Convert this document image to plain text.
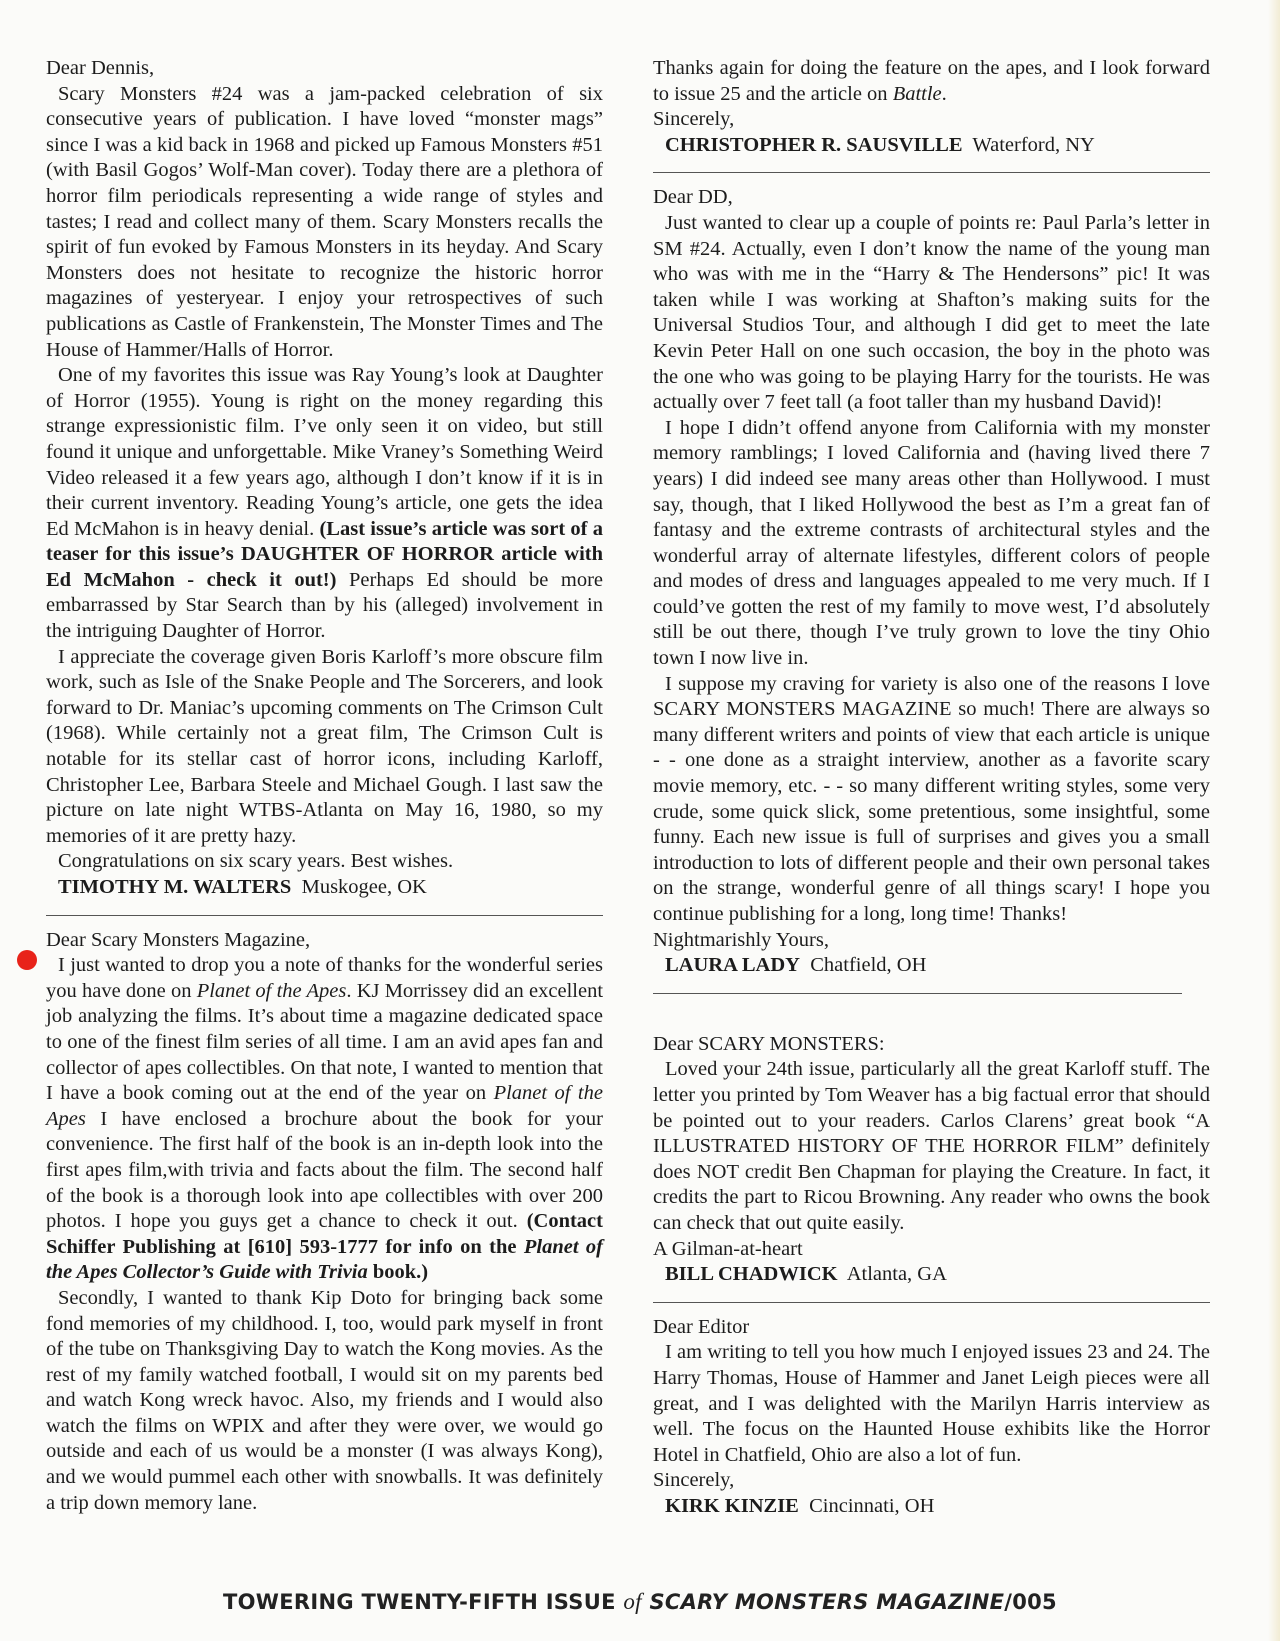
Dear Dennis,

Scary Monsters #24 was a jam-packed celebration of six consecutive years of publication. I have loved “monster mags” since I was a kid back in 1968 and picked up Famous Monsters #51 (with Basil Gogos’ Wolf-Man cover). Today there are a plethora of horror film periodicals representing a wide range of styles and tastes; I read and collect many of them. Scary Monsters recalls the spirit of fun evoked by Famous Monsters in its heyday. And Scary Monsters does not hesitate to recognize the historic horror magazines of yesteryear. I enjoy your retrospectives of such publications as Castle of Frankenstein, The Monster Times and The House of Hammer/Halls of Horror.

One of my favorites this issue was Ray Young’s look at Daughter of Horror (1955). Young is right on the money regarding this strange expressionistic film. I’ve only seen it on video, but still found it unique and unforgettable. Mike Vraney’s Something Weird Video released it a few years ago, although I don’t know if it is in their current inventory. Reading Young’s article, one gets the idea Ed McMahon is in heavy denial. (Last issue’s article was sort of a teaser for this issue’s DAUGHTER OF HORROR article with Ed McMahon - check it out!) Perhaps Ed should be more embarrassed by Star Search than by his (alleged) involvement in the intriguing Daughter of Horror.

I appreciate the coverage given Boris Karloff’s more obscure film work, such as Isle of the Snake People and The Sorcerers, and look forward to Dr. Maniac’s upcoming comments on The Crimson Cult (1968). While certainly not a great film, The Crimson Cult is notable for its stellar cast of horror icons, including Karloff, Christopher Lee, Barbara Steele and Michael Gough. I last saw the picture on late night WTBS-Atlanta on May 16, 1980, so my memories of it are pretty hazy.

Congratulations on six scary years. Best wishes.

TIMOTHY M. WALTERS Muskogee, OK

Dear Scary Monsters Magazine,

I just wanted to drop you a note of thanks for the wonderful series you have done on Planet of the Apes. KJ Morrissey did an excellent job analyzing the films. It’s about time a magazine dedicated space to one of the finest film series of all time. I am an avid apes fan and collector of apes collectibles. On that note, I wanted to mention that I have a book coming out at the end of the year on Planet of the Apes I have enclosed a brochure about the book for your convenience. The first half of the book is an in-depth look into the first apes film,with trivia and facts about the film. The second half of the book is a thorough look into ape collectibles with over 200 photos. I hope you guys get a chance to check it out. (Contact Schiffer Publishing at [610] 593-1777 for info on the Planet of the Apes Collector’s Guide with Trivia book.)

Secondly, I wanted to thank Kip Doto for bringing back some fond memories of my childhood. I, too, would park myself in front of the tube on Thanksgiving Day to watch the Kong movies. As the rest of my family watched football, I would sit on my parents bed and watch Kong wreck havoc. Also, my friends and I would also watch the films on WPIX and after they were over, we would go outside and each of us would be a monster (I was always Kong), and we would pummel each other with snowballs. It was definitely a trip down memory lane.

Thanks again for doing the feature on the apes, and I look forward to issue 25 and the article on Battle.

Sincerely,

CHRISTOPHER R. SAUSVILLE Waterford, NY

Dear DD,

Just wanted to clear up a couple of points re: Paul Parla’s letter in SM #24. Actually, even I don’t know the name of the young man who was with me in the “Harry & The Hendersons” pic! It was taken while I was working at Shafton’s making suits for the Universal Studios Tour, and although I did get to meet the late Kevin Peter Hall on one such occasion, the boy in the photo was the one who was going to be playing Harry for the tourists. He was actually over 7 feet tall (a foot taller than my husband David)!

I hope I didn’t offend anyone from California with my monster memory ramblings; I loved California and (having lived there 7 years) I did indeed see many areas other than Hollywood. I must say, though, that I liked Hollywood the best as I’m a great fan of fantasy and the extreme contrasts of architectural styles and the wonderful array of alternate lifestyles, different colors of people and modes of dress and languages appealed to me very much. If I could’ve gotten the rest of my family to move west, I’d absolutely still be out there, though I’ve truly grown to love the tiny Ohio town I now live in.

I suppose my craving for variety is also one of the reasons I love SCARY MONSTERS MAGAZINE so much! There are always so many different writers and points of view that each article is unique - - one done as a straight interview, another as a favorite scary movie memory, etc. - - so many different writing styles, some very crude, some quick slick, some pretentious, some insightful, some funny. Each new issue is full of surprises and gives you a small introduction to lots of different people and their own personal takes on the strange, wonderful genre of all things scary! I hope you continue publishing for a long, long time! Thanks!

Nightmarishly Yours,

LAURA LADY Chatfield, OH

Dear SCARY MONSTERS:

Loved your 24th issue, particularly all the great Karloff stuff. The letter you printed by Tom Weaver has a big factual error that should be pointed out to your readers. Carlos Clarens’ great book “A ILLUSTRATED HISTORY OF THE HORROR FILM” definitely does NOT credit Ben Chapman for playing the Creature. In fact, it credits the part to Ricou Browning. Any reader who owns the book can check that out quite easily.

A Gilman-at-heart

BILL CHADWICK Atlanta, GA

Dear Editor

I am writing to tell you how much I enjoyed issues 23 and 24. The Harry Thomas, House of Hammer and Janet Leigh pieces were all great, and I was delighted with the Marilyn Harris interview as well. The focus on the Haunted House exhibits like the Horror Hotel in Chatfield, Ohio are also a lot of fun.

Sincerely,

KIRK KINZIE Cincinnati, OH

TOWERING TWENTY-FIFTH ISSUE of SCARY MONSTERS MAGAZINE/005
